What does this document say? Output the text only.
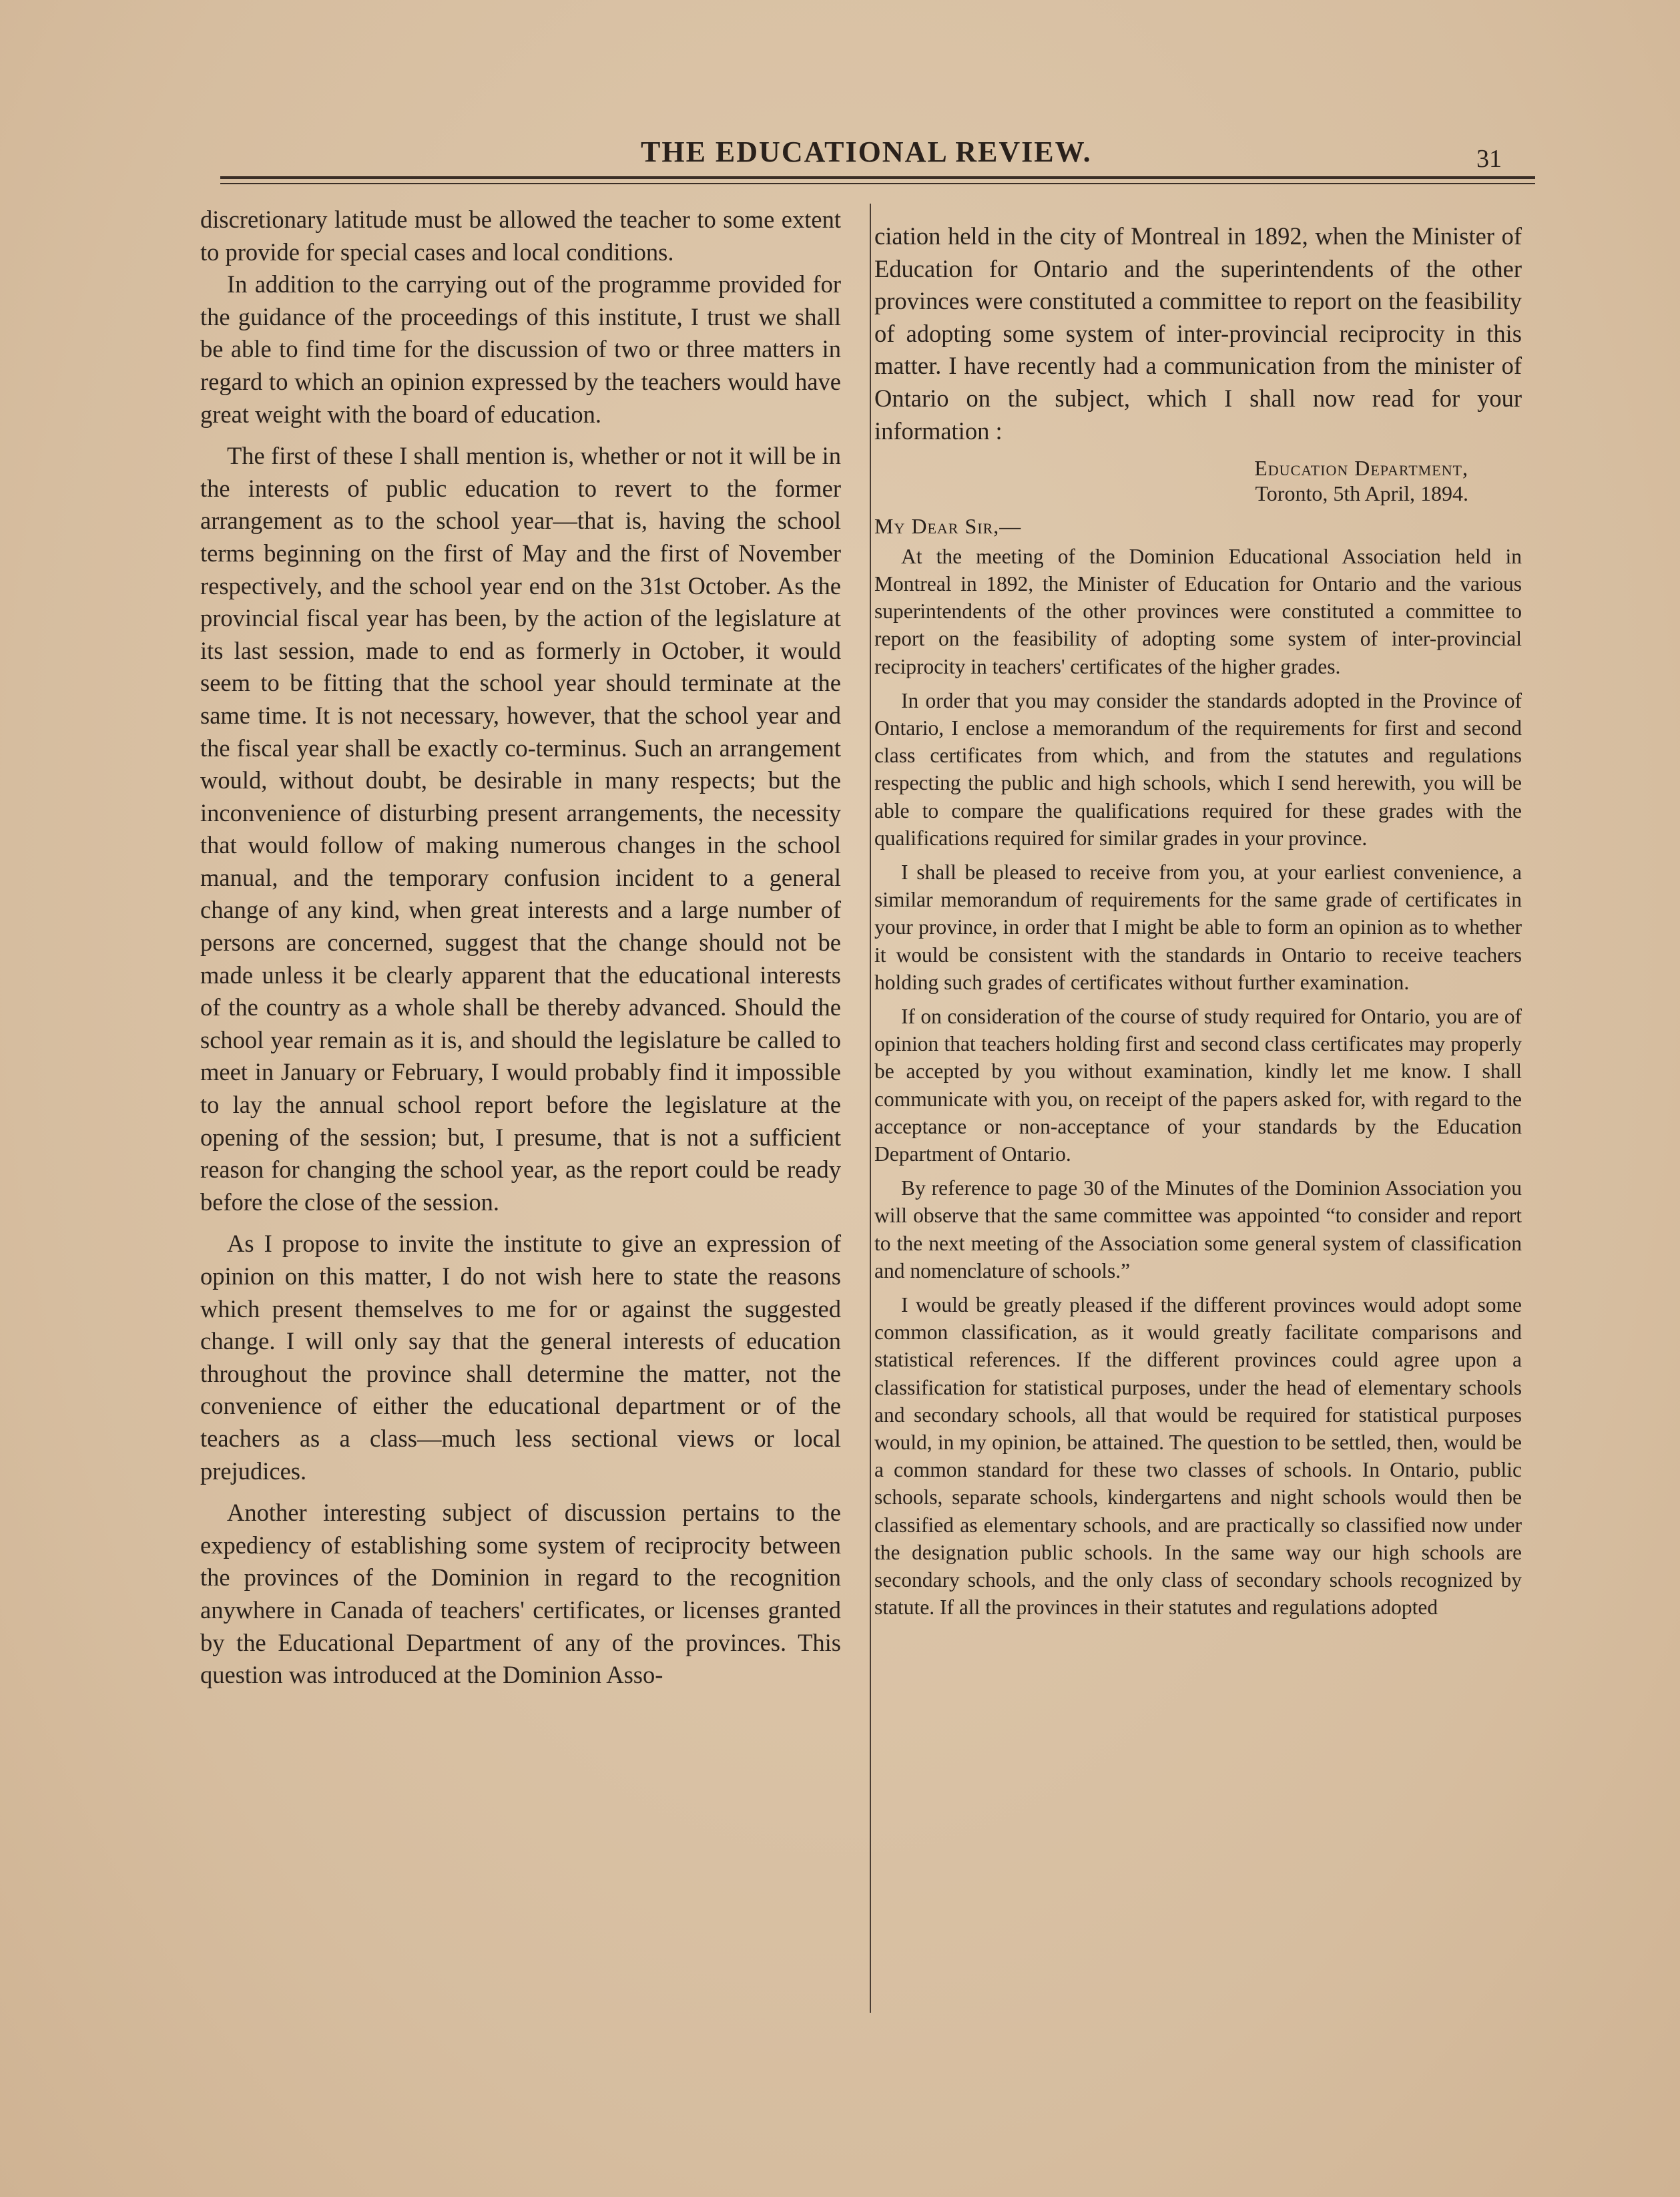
THE EDUCATIONAL REVIEW.	31

discretionary latitude must be allowed the teacher to some extent to provide for special cases and local conditions.

In addition to the carrying out of the programme provided for the guidance of the proceedings of this institute, I trust we shall be able to find time for the discussion of two or three matters in regard to which an opinion expressed by the teachers would have great weight with the board of education.

The first of these I shall mention is, whether or not it will be in the interests of public education to revert to the former arrangement as to the school year—that is, having the school terms beginning on the first of May and the first of November respectively, and the school year end on the 31st October. As the provincial fiscal year has been, by the action of the legislature at its last session, made to end as formerly in October, it would seem to be fitting that the school year should terminate at the same time. It is not necessary, however, that the school year and the fiscal year shall be exactly co-terminus. Such an arrangement would, without doubt, be desirable in many respects; but the inconvenience of disturbing present arrangements, the necessity that would follow of making numerous changes in the school manual, and the temporary confusion incident to a general change of any kind, when great interests and a large number of persons are concerned, suggest that the change should not be made unless it be clearly apparent that the educational interests of the country as a whole shall be thereby advanced. Should the school year remain as it is, and should the legislature be called to meet in January or February, I would probably find it impossible to lay the annual school report before the legislature at the opening of the session; but, I presume, that is not a sufficient reason for changing the school year, as the report could be ready before the close of the session.

As I propose to invite the institute to give an expression of opinion on this matter, I do not wish here to state the reasons which present themselves to me for or against the suggested change. I will only say that the general interests of education throughout the province shall determine the matter, not the convenience of either the educational department or of the teachers as a class—much less sectional views or local prejudices.

Another interesting subject of discussion pertains to the expediency of establishing some system of reciprocity between the provinces of the Dominion in regard to the recognition anywhere in Canada of teachers' certificates, or licenses granted by the Educational Department of any of the provinces. This question was introduced at the Dominion Asso-

ciation held in the city of Montreal in 1892, when the Minister of Education for Ontario and the superintendents of the other provinces were constituted a committee to report on the feasibility of adopting some system of inter-provincial reciprocity in this matter. I have recently had a communication from the minister of Ontario on the subject, which I shall now read for your information :

Education Department,
Toronto, 5th April, 1894.
My Dear Sir,—

At the meeting of the Dominion Educational Association held in Montreal in 1892, the Minister of Education for Ontario and the various superintendents of the other provinces were constituted a committee to report on the feasibility of adopting some system of inter-provincial reciprocity in teachers' certificates of the higher grades.

In order that you may consider the standards adopted in the Province of Ontario, I enclose a memorandum of the requirements for first and second class certificates from which, and from the statutes and regulations respecting the public and high schools, which I send herewith, you will be able to compare the qualifications required for these grades with the qualifications required for similar grades in your province.

I shall be pleased to receive from you, at your earliest convenience, a similar memorandum of requirements for the same grade of certificates in your province, in order that I might be able to form an opinion as to whether it would be consistent with the standards in Ontario to receive teachers holding such grades of certificates without further examination.

If on consideration of the course of study required for Ontario, you are of opinion that teachers holding first and second class certificates may properly be accepted by you without examination, kindly let me know. I shall communicate with you, on receipt of the papers asked for, with regard to the acceptance or non-acceptance of your standards by the Education Department of Ontario.

By reference to page 30 of the Minutes of the Dominion Association you will observe that the same committee was appointed “to consider and report to the next meeting of the Association some general system of classification and nomenclature of schools.”

I would be greatly pleased if the different provinces would adopt some common classification, as it would greatly facilitate comparisons and statistical references. If the different provinces could agree upon a classification for statistical purposes, under the head of elementary schools and secondary schools, all that would be required for statistical purposes would, in my opinion, be attained. The question to be settled, then, would be a common standard for these two classes of schools. In Ontario, public schools, separate schools, kindergartens and night schools would then be classified as elementary schools, and are practically so classified now under the designation public schools. In the same way our high schools are secondary schools, and the only class of secondary schools recognized by statute. If all the provinces in their statutes and regulations adopted
